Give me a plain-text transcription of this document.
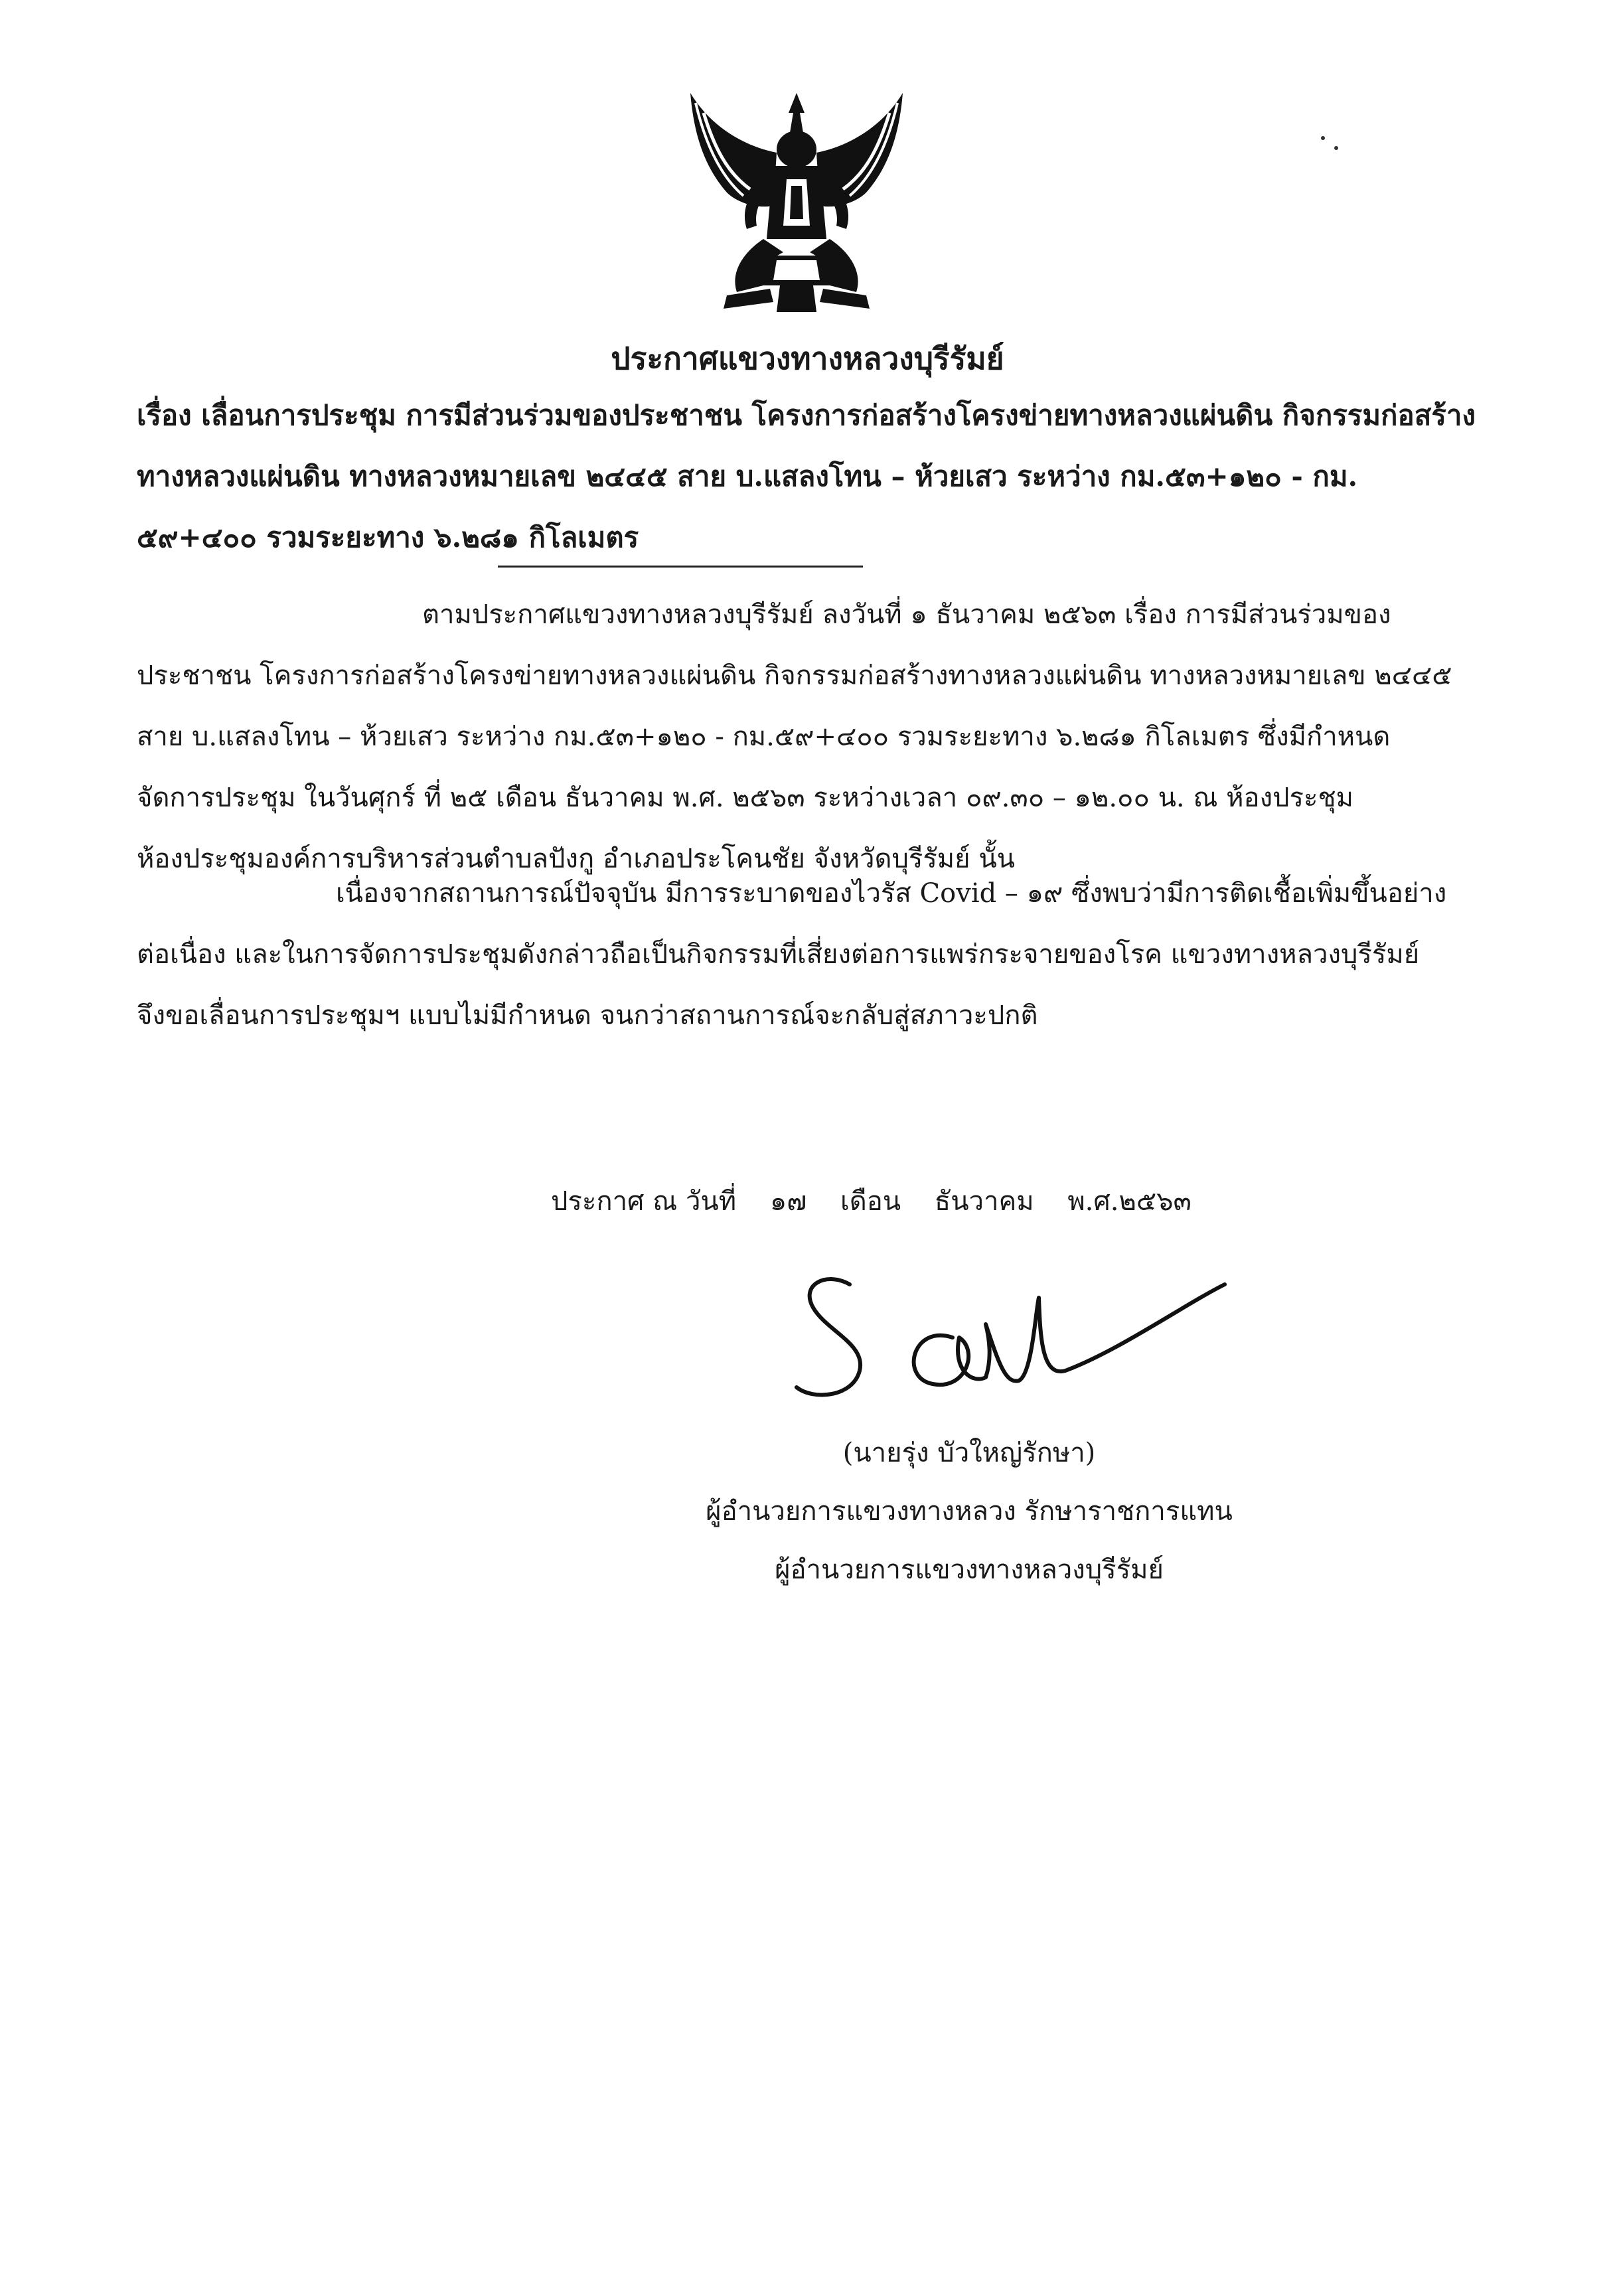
ประกาศแขวงทางหลวงบุรีรัมย์
เรื่อง เลื่อนการประชุม การมีส่วนร่วมของประชาชน โครงการก่อสร้างโครงข่ายทางหลวงแผ่นดิน กิจกรรมก่อสร้าง
ทางหลวงแผ่นดิน ทางหลวงหมายเลข ๒๔๔๕ สาย บ.แสลงโทน – ห้วยเสว ระหว่าง กม.๕๓+๑๒๐ - กม.
๕๙+๔๐๐ รวมระยะทาง ๖.๒๘๑ กิโลเมตร
ตามประกาศแขวงทางหลวงบุรีรัมย์ ลงวันที่ ๑ ธันวาคม ๒๕๖๓ เรื่อง การมีส่วนร่วมของ
ประชาชน โครงการก่อสร้างโครงข่ายทางหลวงแผ่นดิน กิจกรรมก่อสร้างทางหลวงแผ่นดิน ทางหลวงหมายเลข ๒๔๔๕
สาย บ.แสลงโทน – ห้วยเสว ระหว่าง กม.๕๓+๑๒๐ - กม.๕๙+๔๐๐ รวมระยะทาง ๖.๒๘๑ กิโลเมตร ซึ่งมีกำหนด
จัดการประชุม ในวันศุกร์ ที่ ๒๕ เดือน ธันวาคม พ.ศ. ๒๕๖๓ ระหว่างเวลา ๐๙.๓๐ – ๑๒.๐๐ น. ณ ห้องประชุม
ห้องประชุมองค์การบริหารส่วนตำบลปังกู อำเภอประโคนชัย จังหวัดบุรีรัมย์ นั้น
เนื่องจากสถานการณ์ปัจจุบัน มีการระบาดของไวรัส Covid – ๑๙ ซึ่งพบว่ามีการติดเชื้อเพิ่มขึ้นอย่าง
ต่อเนื่อง และในการจัดการประชุมดังกล่าวถือเป็นกิจกรรมที่เสี่ยงต่อการแพร่กระจายของโรค แขวงทางหลวงบุรีรัมย์
จึงขอเลื่อนการประชุมฯ แบบไม่มีกำหนด จนกว่าสถานการณ์จะกลับสู่สภาวะปกติ
ประกาศ ณ วันที่ ๑๗ เดือน ธันวาคม พ.ศ.๒๕๖๓
(นายรุ่ง บัวใหญ่รักษา)
ผู้อำนวยการแขวงทางหลวง รักษาราชการแทน
ผู้อำนวยการแขวงทางหลวงบุรีรัมย์
